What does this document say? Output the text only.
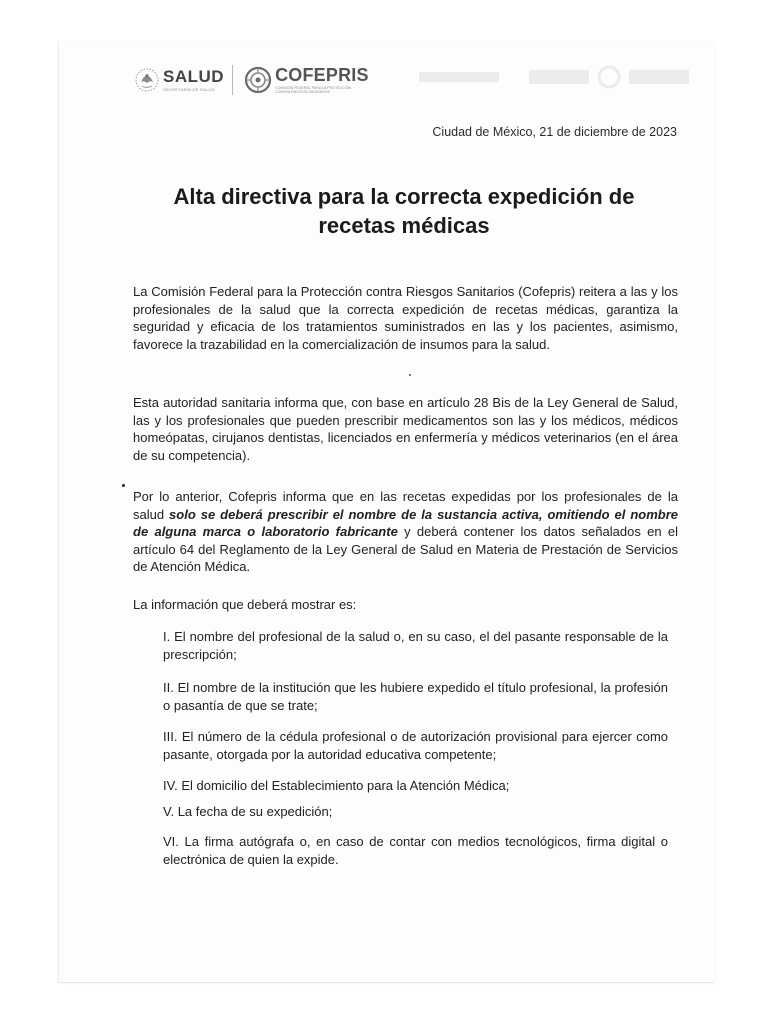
SALUD
SECRETARÍA DE SALUD
COFEPRIS
COMISIÓN FEDERAL PARA LA PROTECCIÓN CONTRA RIESGOS SANITARIOS
Ciudad de México, 21 de diciembre de 2023
Alta directiva para la correcta expedición de
recetas médicas
La Comisión Federal para la Protección contra Riesgos Sanitarios (Cofepris) reitera a las y los profesionales de la salud que la correcta expedición de recetas médicas, garantiza la seguridad y eficacia de los tratamientos suministrados en las y los pacientes, asimismo, favorece la trazabilidad en la comercialización de insumos para la salud.
Esta autoridad sanitaria informa que, con base en artículo 28 Bis de la Ley General de Salud, las y los profesionales que pueden prescribir medicamentos son las y los médicos, médicos homeópatas, cirujanos dentistas, licenciados en enfermería y médicos veterinarios (en el área de su competencia).
Por lo anterior, Cofepris informa que en las recetas expedidas por los profesionales de la salud solo se deberá prescribir el nombre de la sustancia activa, omitiendo el nombre de alguna marca o laboratorio fabricante y deberá contener los datos señalados en el artículo 64 del Reglamento de la Ley General de Salud en Materia de Prestación de Servicios de Atención Médica.
La información que deberá mostrar es:
I. El nombre del profesional de la salud o, en su caso, el del pasante responsable de la prescripción;
II. El nombre de la institución que les hubiere expedido el título profesional, la profesión o pasantía de que se trate;
III. El número de la cédula profesional o de autorización provisional para ejercer como pasante, otorgada por la autoridad educativa competente;
IV. El domicilio del Establecimiento para la Atención Médica;
V. La fecha de su expedición;
VI. La firma autógrafa o, en caso de contar con medios tecnológicos, firma digital o electrónica de quien la expide.
